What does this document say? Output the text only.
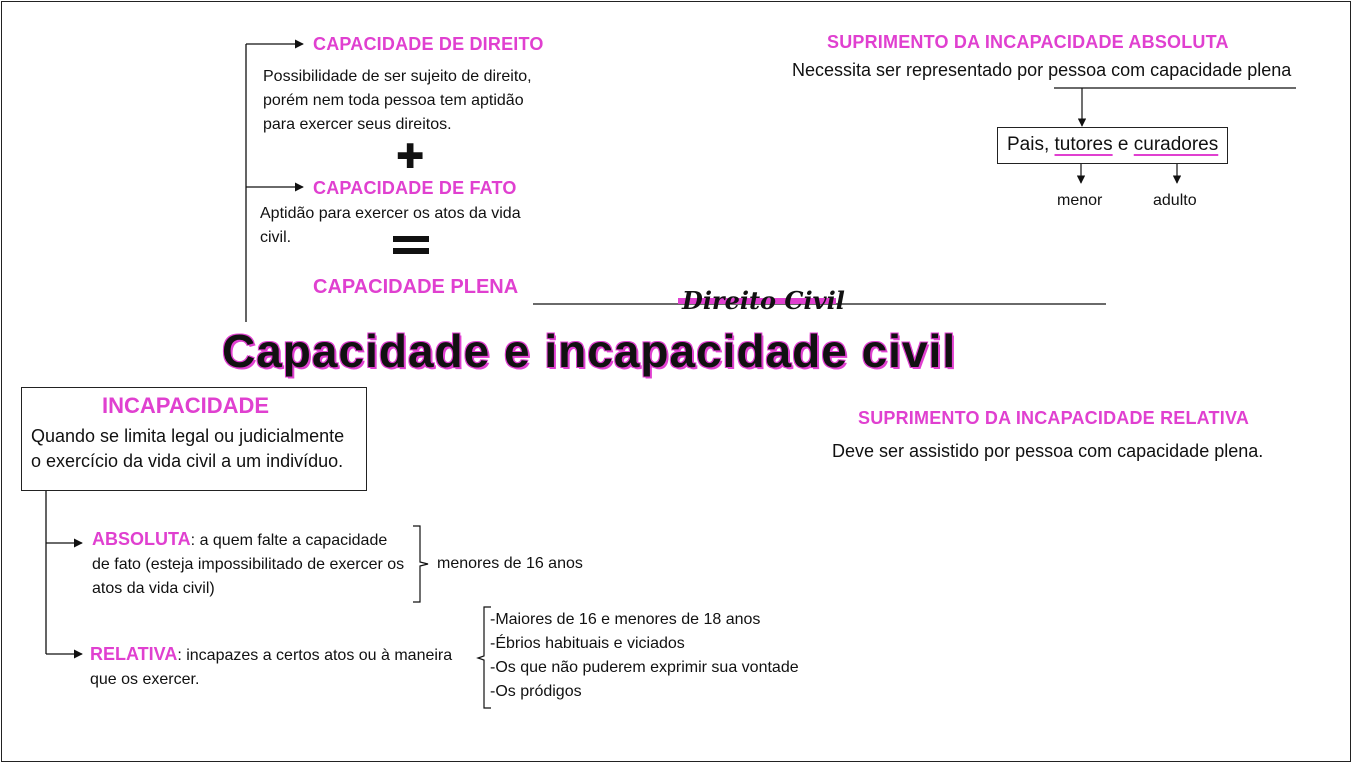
CAPACIDADE DE DIREITO
Possibilidade de ser sujeito de direito,
porém nem toda pessoa tem aptidão
para exercer seus direitos.
✚
CAPACIDADE DE FATO
Aptidão para exercer os atos da vida
civil.
CAPACIDADE PLENA	Direito Civil
Capacidade e incapacidade civil
SUPRIMENTO DA INCAPACIDADE ABSOLUTA
Necessita ser representado por pessoa com capacidade plena
Pais, tutores e curadores
menor	adulto
SUPRIMENTO DA INCAPACIDADE RELATIVA
Deve ser assistido por pessoa com capacidade plena.
INCAPACIDADE
Quando se limita legal ou judicialmente
o exercício da vida civil a um indivíduo.
ABSOLUTA: a quem falte a capacidade
de fato (esteja impossibilitado de exercer os
atos da vida civil)
menores de 16 anos
RELATIVA: incapazes a certos atos ou à maneira
que os exercer.
-Maiores de 16 e menores de 18 anos
-Ébrios habituais e viciados
-Os que não puderem exprimir sua vontade
-Os pródigos
